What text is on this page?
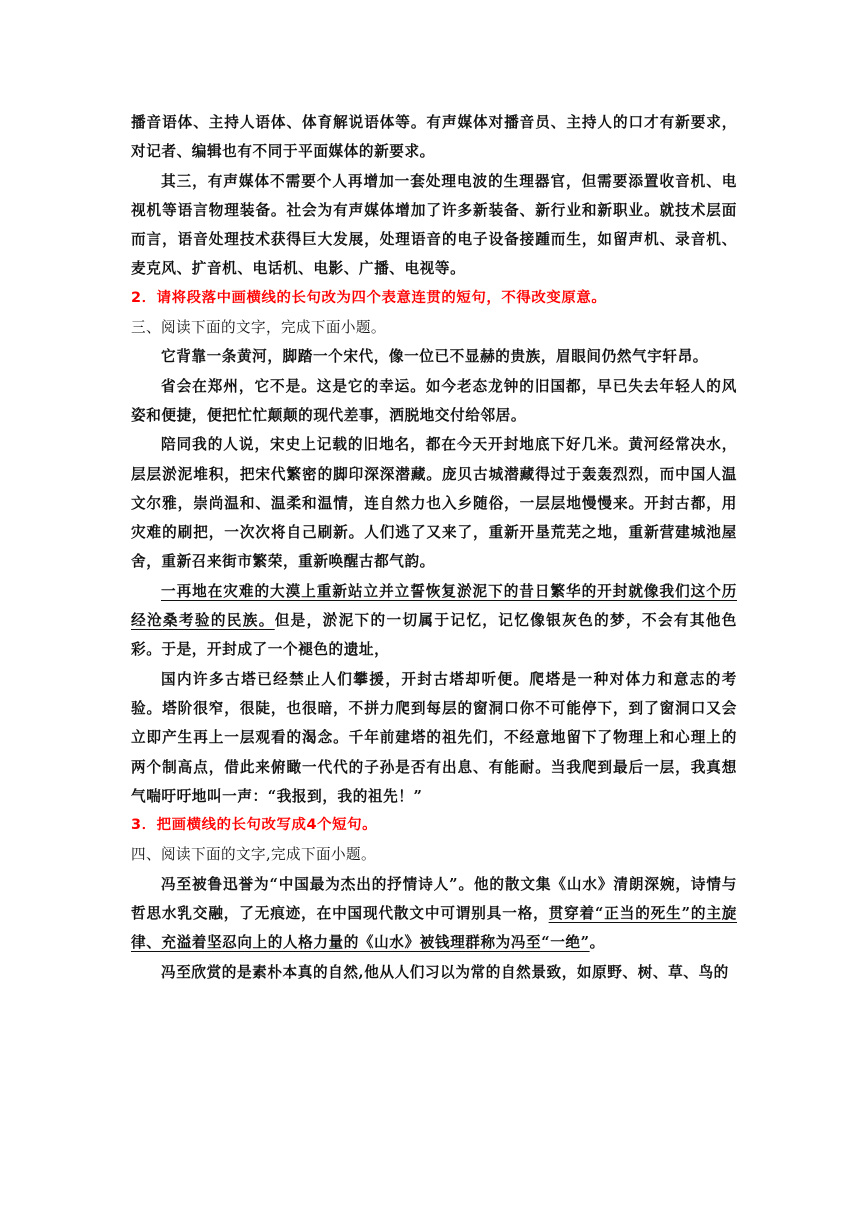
播音语体、主持人语体、体育解说语体等。有声媒体对播音员、主持人的口才有新要求，对记者、编辑也有不同于平面媒体的新要求。

其三，有声媒体不需要个人再增加一套处理电波的生理器官，但需要添置收音机、电视机等语言物理装备。社会为有声媒体增加了许多新装备、新行业和新职业。就技术层面而言，语音处理技术获得巨大发展，处理语音的电子设备接踵而生，如留声机、录音机、麦克风、扩音机、电话机、电影、广播、电视等。

2．请将段落中画横线的长句改为四个表意连贯的短句，不得改变原意。

三、阅读下面的文字，完成下面小题。

它背靠一条黄河，脚踏一个宋代，像一位已不显赫的贵族，眉眼间仍然气宇轩昂。

省会在郑州，它不是。这是它的幸运。如今老态龙钟的旧国都，早已失去年轻人的风姿和便捷，便把忙忙颠颠的现代差事，洒脱地交付给邻居。

陪同我的人说，宋史上记载的旧地名，都在今天开封地底下好几米。黄河经常决水，层层淤泥堆积，把宋代繁密的脚印深深潜藏。庞贝古城潜藏得过于轰轰烈烈，而中国人温文尔雅，崇尚温和、温柔和温情，连自然力也入乡随俗，一层层地慢慢来。开封古都，用灾难的刷把，一次次将自己刷新。人们逃了又来了，重新开垦荒芜之地，重新营建城池屋舍，重新召来街市繁荣，重新唤醒古都气韵。

一再地在灾难的大漠上重新站立并立誓恢复淤泥下的昔日繁华的开封就像我们这个历经沧桑考验的民族。但是，淤泥下的一切属于记忆，记忆像银灰色的梦，不会有其他色彩。于是，开封成了一个褪色的遗址，

国内许多古塔已经禁止人们攀援，开封古塔却听便。爬塔是一种对体力和意志的考验。塔阶很窄，很陡，也很暗，不拼力爬到每层的窗洞口你不可能停下，到了窗洞口又会立即产生再上一层观看的渴念。千年前建塔的祖先们，不经意地留下了物理上和心理上的两个制高点，借此来俯瞰一代代的子孙是否有出息、有能耐。当我爬到最后一层，我真想气喘吁吁地叫一声：“我报到，我的祖先！”

3．把画横线的长句改写成4个短句。

四、阅读下面的文字,完成下面小题。

冯至被鲁迅誉为“中国最为杰出的抒情诗人”。他的散文集《山水》清朗深婉，诗情与哲思水乳交融，了无痕迹，在中国现代散文中可谓别具一格，贯穿着“正当的死生”的主旋律、充溢着坚忍向上的人格力量的《山水》被钱理群称为冯至“一绝”。

冯至欣赏的是素朴本真的自然,他从人们习以为常的自然景致，如原野、树、草、鸟的
